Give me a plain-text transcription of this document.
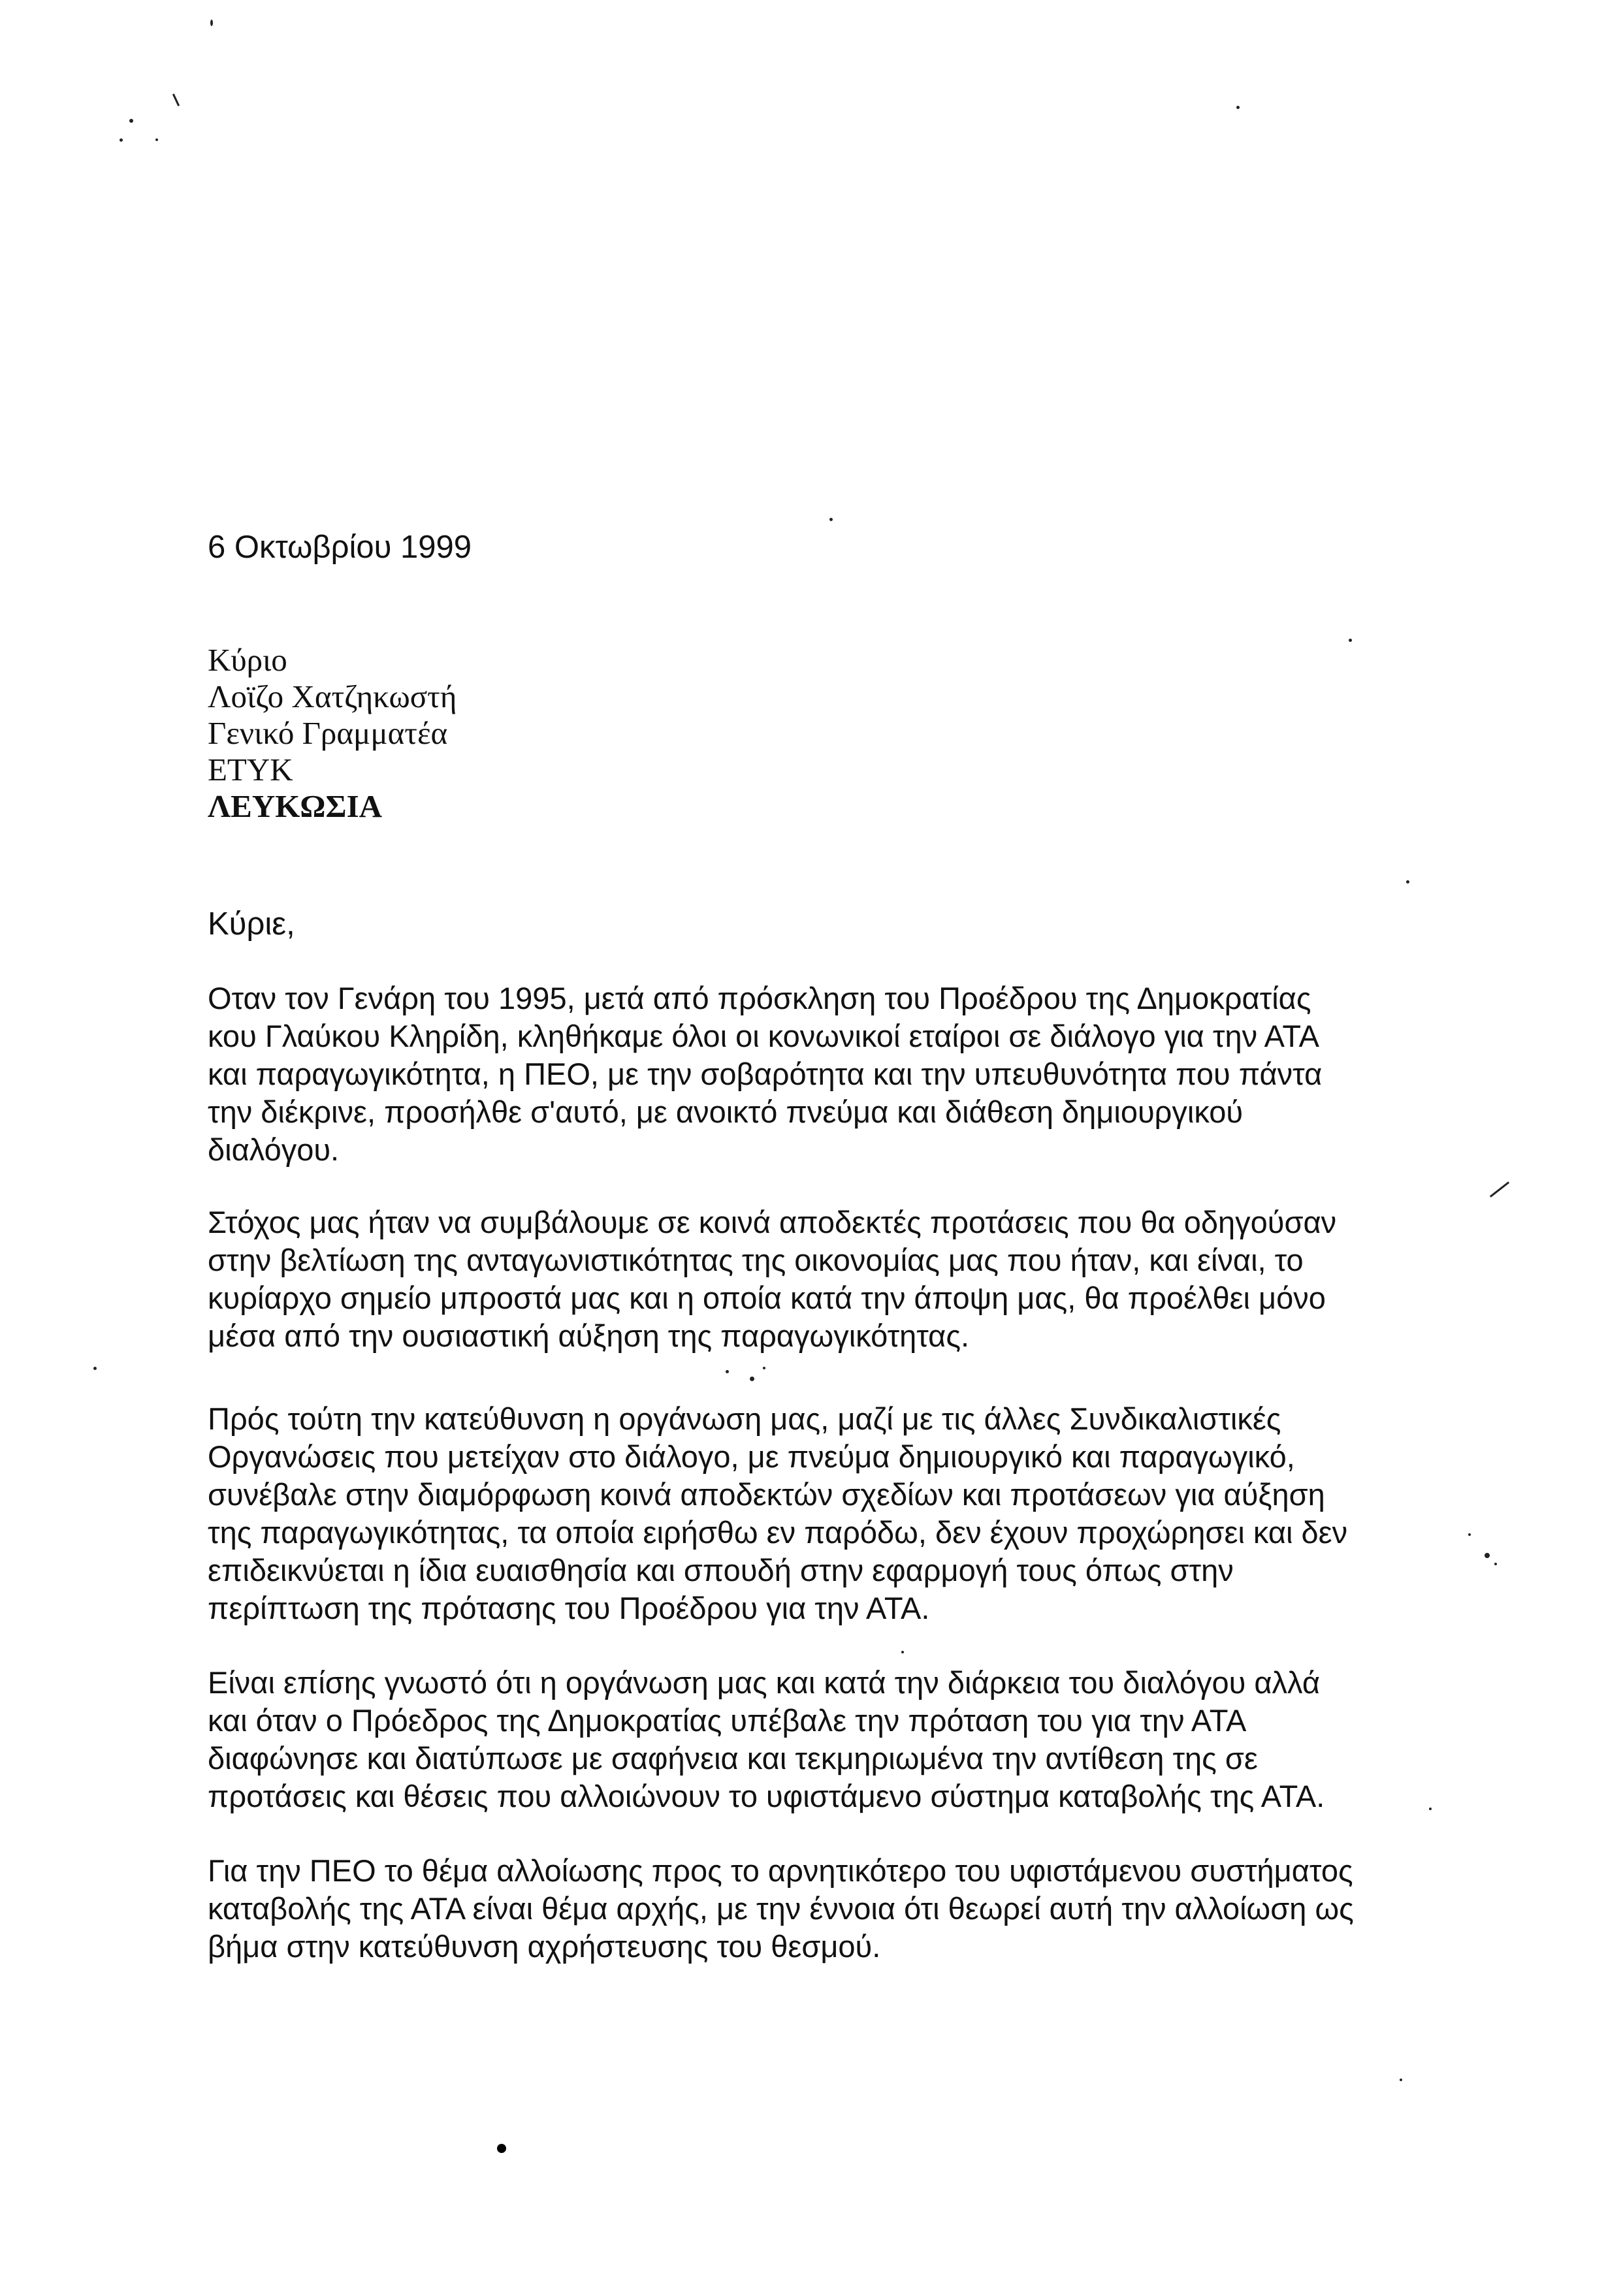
6 Οκτωβρίου 1999
Κύριο
Λοϊζο Χατζηκωστή
Γενικό Γραμματέα
ΕΤΥΚ
ΛΕΥΚΩΣΙΑ
Κύριε,

Οταν τον Γενάρη του 1995, μετά από πρόσκληση του Προέδρου της Δημοκρατίας
κου Γλαύκου Κληρίδη, κληθήκαμε όλοι οι κονωνικοί εταίροι σε διάλογο για την ΑΤΑ
και παραγωγικότητα, η ΠΕΟ, με την σοβαρότητα και την υπευθυνότητα που πάντα
την διέκρινε, προσήλθε σ'αυτό, με ανοικτό πνεύμα και διάθεση δημιουργικού
διαλόγου.

Στόχος μας ήταν να συμβάλουμε σε κοινά αποδεκτές προτάσεις που θα οδηγούσαν
στην βελτίωση της ανταγωνιστικότητας της οικονομίας μας που ήταν, και είναι, το
κυρίαρχο σημείο μπροστά μας και η οποία κατά την άποψη μας, θα προέλθει μόνο
μέσα από την ουσιαστική αύξηση της παραγωγικότητας.

Πρός τούτη την κατεύθυνση η οργάνωση μας, μαζί με τις άλλες Συνδικαλιστικές
Οργανώσεις που μετείχαν στο διάλογο, με πνεύμα δημιουργικό και παραγωγικό,
συνέβαλε στην διαμόρφωση κοινά αποδεκτών σχεδίων και προτάσεων για αύξηση
της παραγωγικότητας, τα οποία ειρήσθω εν παρόδω, δεν έχουν προχώρησει και δεν
επιδεικνύεται η ίδια ευαισθησία και σπουδή στην εφαρμογή τους όπως στην
περίπτωση της πρότασης του Προέδρου για την ΑΤΑ.

Είναι επίσης γνωστό ότι η οργάνωση μας και κατά την διάρκεια του διαλόγου αλλά
και όταν ο Πρόεδρος της Δημοκρατίας υπέβαλε την πρόταση του για την ΑΤΑ
διαφώνησε και διατύπωσε με σαφήνεια και τεκμηριωμένα την αντίθεση της σε
προτάσεις και θέσεις που αλλοιώνουν το υφιστάμενο σύστημα καταβολής της ΑΤΑ.

Για την ΠΕΟ το θέμα αλλοίωσης προς το αρνητικότερο του υφιστάμενου συστήματος
καταβολής της ΑΤΑ είναι θέμα αρχής, με την έννοια ότι θεωρεί αυτή την αλλοίωση ως
βήμα στην κατεύθυνση αχρήστευσης του θεσμού.
